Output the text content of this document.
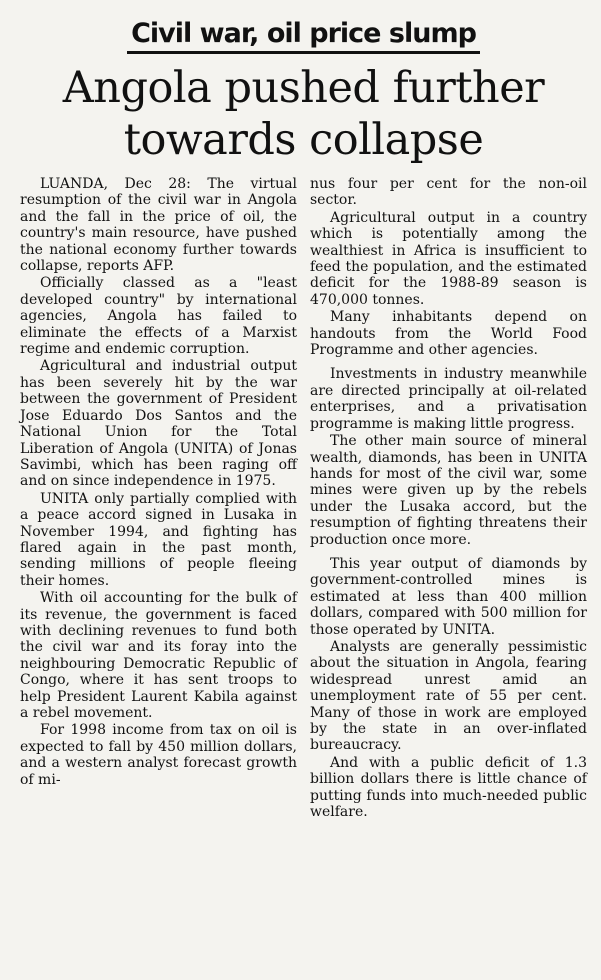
Civil war, oil price slump
Angola pushed further towards collapse

LUANDA, Dec 28: The virtual resumption of the civil war in Angola and the fall in the price of oil, the country's main resource, have pushed the national economy further towards collapse, reports AFP.

Officially classed as a "least developed country" by international agencies, Angola has failed to eliminate the effects of a Marxist regime and endemic corruption.

Agricultural and industrial output has been severely hit by the war between the government of President Jose Eduardo Dos Santos and the National Union for the Total Liberation of Angola (UNITA) of Jonas Savimbi, which has been raging off and on since independence in 1975.

UNITA only partially complied with a peace accord signed in Lusaka in November 1994, and fighting has flared again in the past month, sending millions of people fleeing their homes.

With oil accounting for the bulk of its revenue, the government is faced with declining revenues to fund both the civil war and its foray into the neighbouring Democratic Republic of Congo, where it has sent troops to help President Laurent Kabila against a rebel movement.

For 1998 income from tax on oil is expected to fall by 450 million dollars, and a western analyst forecast growth of mi-

nus four per cent for the non-oil sector.

Agricultural output in a country which is potentially among the wealthiest in Africa is insufficient to feed the population, and the estimated deficit for the 1988-89 season is 470,000 tonnes.

Many inhabitants depend on handouts from the World Food Programme and other agencies.

Investments in industry meanwhile are directed principally at oil-related enterprises, and a privatisation programme is making little progress.

The other main source of mineral wealth, diamonds, has been in UNITA hands for most of the civil war, some mines were given up by the rebels under the Lusaka accord, but the resumption of fighting threatens their production once more.

This year output of diamonds by government-controlled mines is estimated at less than 400 million dollars, compared with 500 million for those operated by UNITA.

Analysts are generally pessimistic about the situation in Angola, fearing widespread unrest amid an unemployment rate of 55 per cent. Many of those in work are employed by the state in an over-inflated bureaucracy.

And with a public deficit of 1.3 billion dollars there is little chance of putting funds into much-needed public welfare.
